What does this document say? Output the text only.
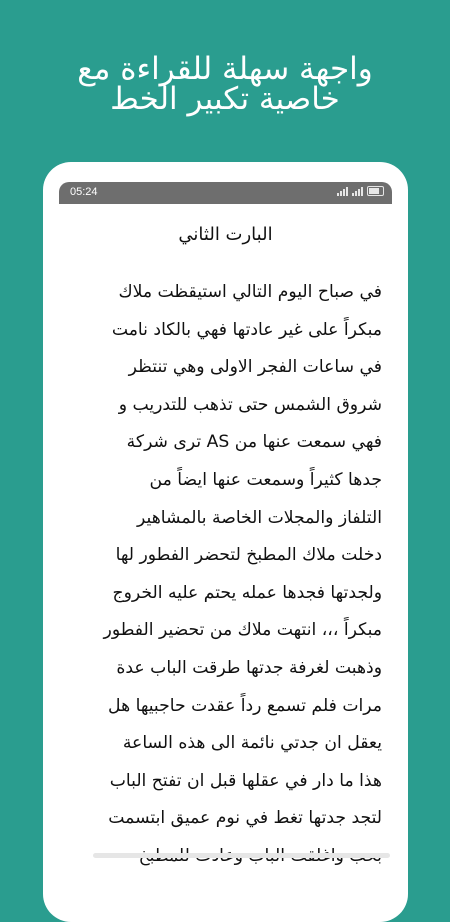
واجهة سهلة للقراءة مع
خاصية تكبير الخط
05:24
البارت الثاني
في صباح اليوم التالي استيقظت ملاك
مبكراً على غير عادتها فهي بالكاد نامت
في ساعات الفجر الاولى وهي تنتظر
شروق الشمس حتى تذهب للتدريب و
فهي سمعت عنها من AS ترى شركة
جدها كثيراً وسمعت عنها ايضاً من
التلفاز والمجلات الخاصة بالمشاهير
دخلت ملاك المطبخ لتحضر الفطور لها
ولجدتها فجدها عمله يحتم عليه الخروج
مبكراً ،،، انتهت ملاك من تحضير الفطور
وذهبت لغرفة جدتها طرقت الباب عدة
مرات فلم تسمع رداً عقدت حاجبيها هل
يعقل ان جدتي نائمة الى هذه الساعة
هذا ما دار في عقلها قبل ان تفتح الباب
لتجد جدتها تغط في نوم عميق ابتسمت
